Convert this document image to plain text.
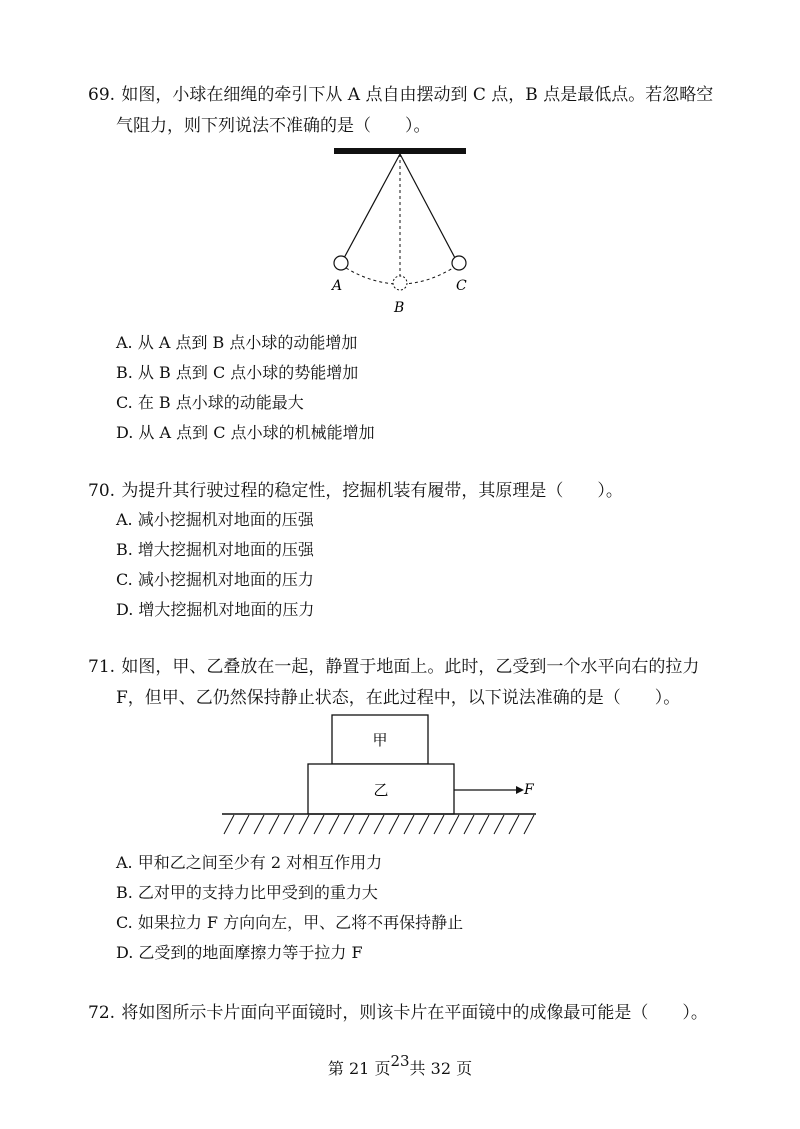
69. 如图，小球在细绳的牵引下从 A 点自由摆动到 C 点，B 点是最低点。若忽略空
气阻力，则下列说法不准确的是（　　）。
A
B
C
A. 从 A 点到 B 点小球的动能增加
B. 从 B 点到 C 点小球的势能增加
C. 在 B 点小球的动能最大
D. 从 A 点到 C 点小球的机械能增加
70. 为提升其行驶过程的稳定性，挖掘机装有履带，其原理是（　　）。
A. 减小挖掘机对地面的压强
B. 增大挖掘机对地面的压强
C. 减小挖掘机对地面的压力
D. 增大挖掘机对地面的压力
71. 如图，甲、乙叠放在一起，静置于地面上。此时，乙受到一个水平向右的拉力
F，但甲、乙仍然保持静止状态，在此过程中，以下说法准确的是（　　）。
甲
乙	F
A. 甲和乙之间至少有 2 对相互作用力
B. 乙对甲的支持力比甲受到的重力大
C. 如果拉力 F 方向向左，甲、乙将不再保持静止
D. 乙受到的地面摩擦力等于拉力 F
72. 将如图所示卡片面向平面镜时，则该卡片在平面镜中的成像最可能是（　　）。
第 21 页23共 32 页
